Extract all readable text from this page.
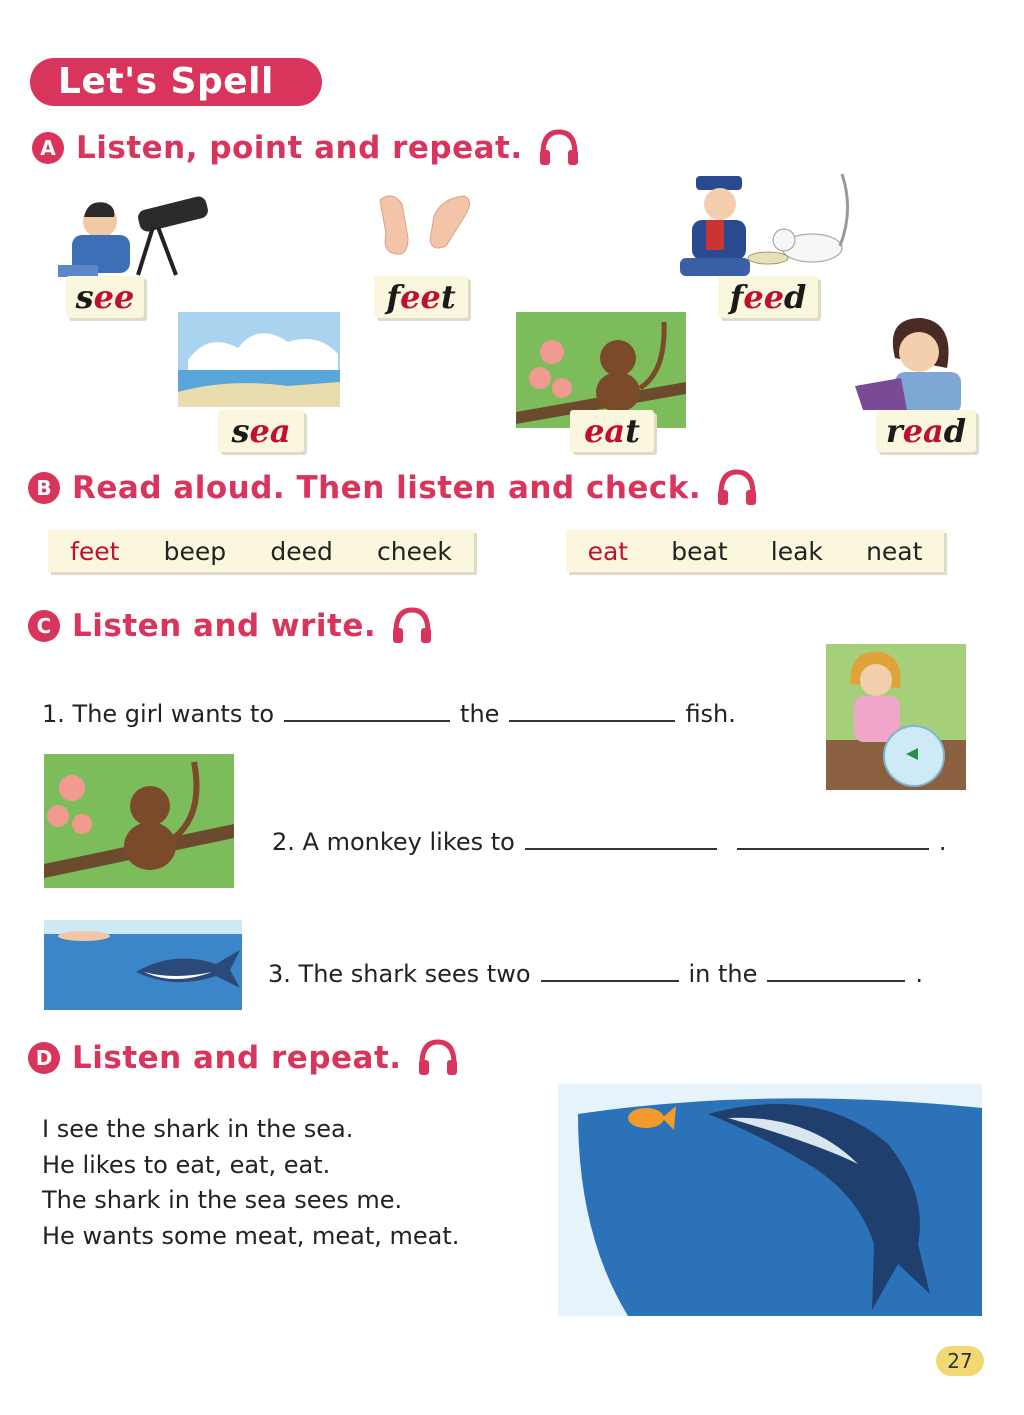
Let's Spell
A Listen, point and repeat.
see	feet	feed
sea	eat	read
B Read aloud. Then listen and check.
feet beep deed cheek	eat beat leak neat
C Listen and write.
1. The girl wants to	the	fish.
2. A monkey likes to	.
3. The shark sees two	in the	.
D Listen and repeat.
I see the shark in the sea.
He likes to eat, eat, eat.
The shark in the sea sees me.
He wants some meat, meat, meat.
27
